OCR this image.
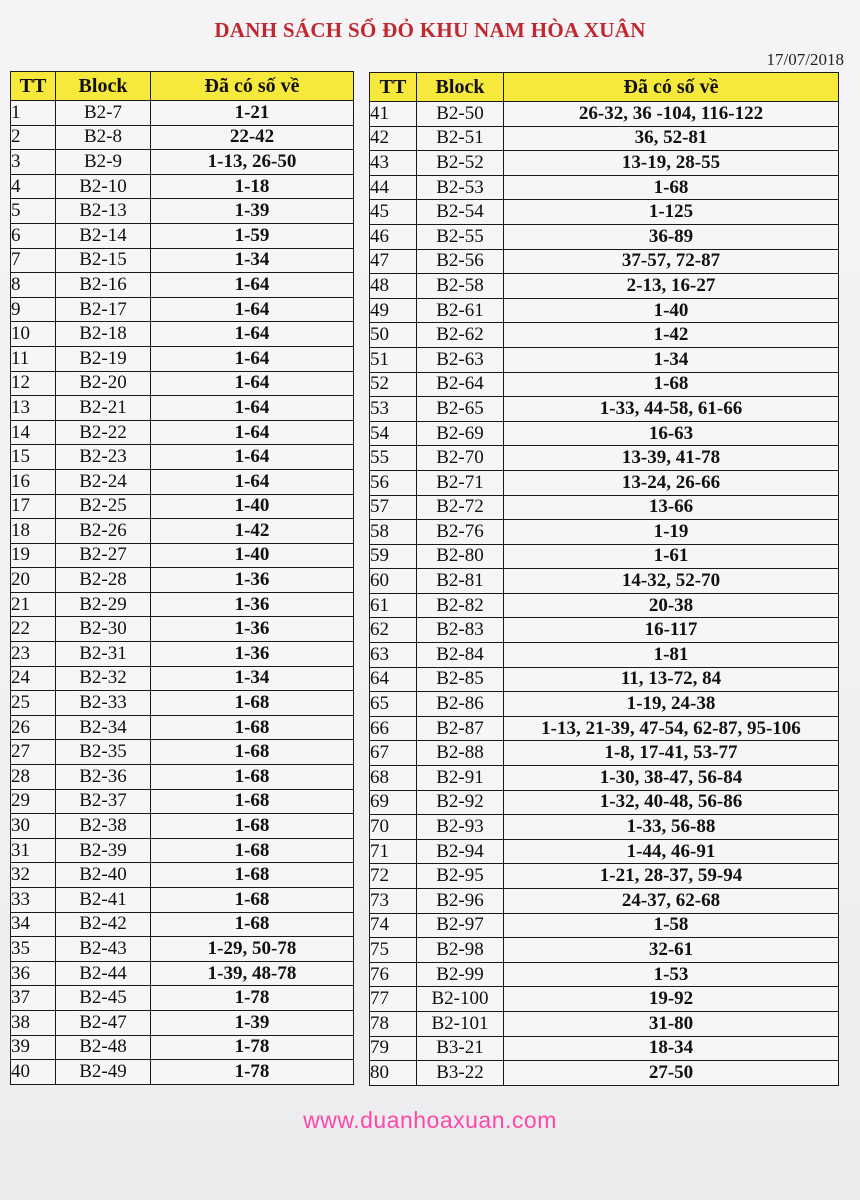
DANH SÁCH SỔ ĐỎ KHU NAM HÒA XUÂN
17/07/2018
TT	Block	Đã có số về
1	B2-7	1-21
2	B2-8	22-42
3	B2-9	1-13, 26-50
4	B2-10	1-18
5	B2-13	1-39
6	B2-14	1-59
7	B2-15	1-34
8	B2-16	1-64
9	B2-17	1-64
10	B2-18	1-64
11	B2-19	1-64
12	B2-20	1-64
13	B2-21	1-64
14	B2-22	1-64
15	B2-23	1-64
16	B2-24	1-64
17	B2-25	1-40
18	B2-26	1-42
19	B2-27	1-40
20	B2-28	1-36
21	B2-29	1-36
22	B2-30	1-36
23	B2-31	1-36
24	B2-32	1-34
25	B2-33	1-68
26	B2-34	1-68
27	B2-35	1-68
28	B2-36	1-68
29	B2-37	1-68
30	B2-38	1-68
31	B2-39	1-68
32	B2-40	1-68
33	B2-41	1-68
34	B2-42	1-68
35	B2-43	1-29, 50-78
36	B2-44	1-39, 48-78
37	B2-45	1-78
38	B2-47	1-39
39	B2-48	1-78
40	B2-49	1-78
TT	Block	Đã có số về
41	B2-50	26-32, 36 -104, 116-122
42	B2-51	36, 52-81
43	B2-52	13-19, 28-55
44	B2-53	1-68
45	B2-54	1-125
46	B2-55	36-89
47	B2-56	37-57, 72-87
48	B2-58	2-13, 16-27
49	B2-61	1-40
50	B2-62	1-42
51	B2-63	1-34
52	B2-64	1-68
53	B2-65	1-33, 44-58, 61-66
54	B2-69	16-63
55	B2-70	13-39, 41-78
56	B2-71	13-24, 26-66
57	B2-72	13-66
58	B2-76	1-19
59	B2-80	1-61
60	B2-81	14-32, 52-70
61	B2-82	20-38
62	B2-83	16-117
63	B2-84	1-81
64	B2-85	11, 13-72, 84
65	B2-86	1-19, 24-38
66	B2-87	1-13, 21-39, 47-54, 62-87, 95-106
67	B2-88	1-8, 17-41, 53-77
68	B2-91	1-30, 38-47, 56-84
69	B2-92	1-32, 40-48, 56-86
70	B2-93	1-33, 56-88
71	B2-94	1-44, 46-91
72	B2-95	1-21, 28-37, 59-94
73	B2-96	24-37, 62-68
74	B2-97	1-58
75	B2-98	32-61
76	B2-99	1-53
77	B2-100	19-92
78	B2-101	31-80
79	B3-21	18-34
80	B3-22	27-50
www.duanhoaxuan.com
